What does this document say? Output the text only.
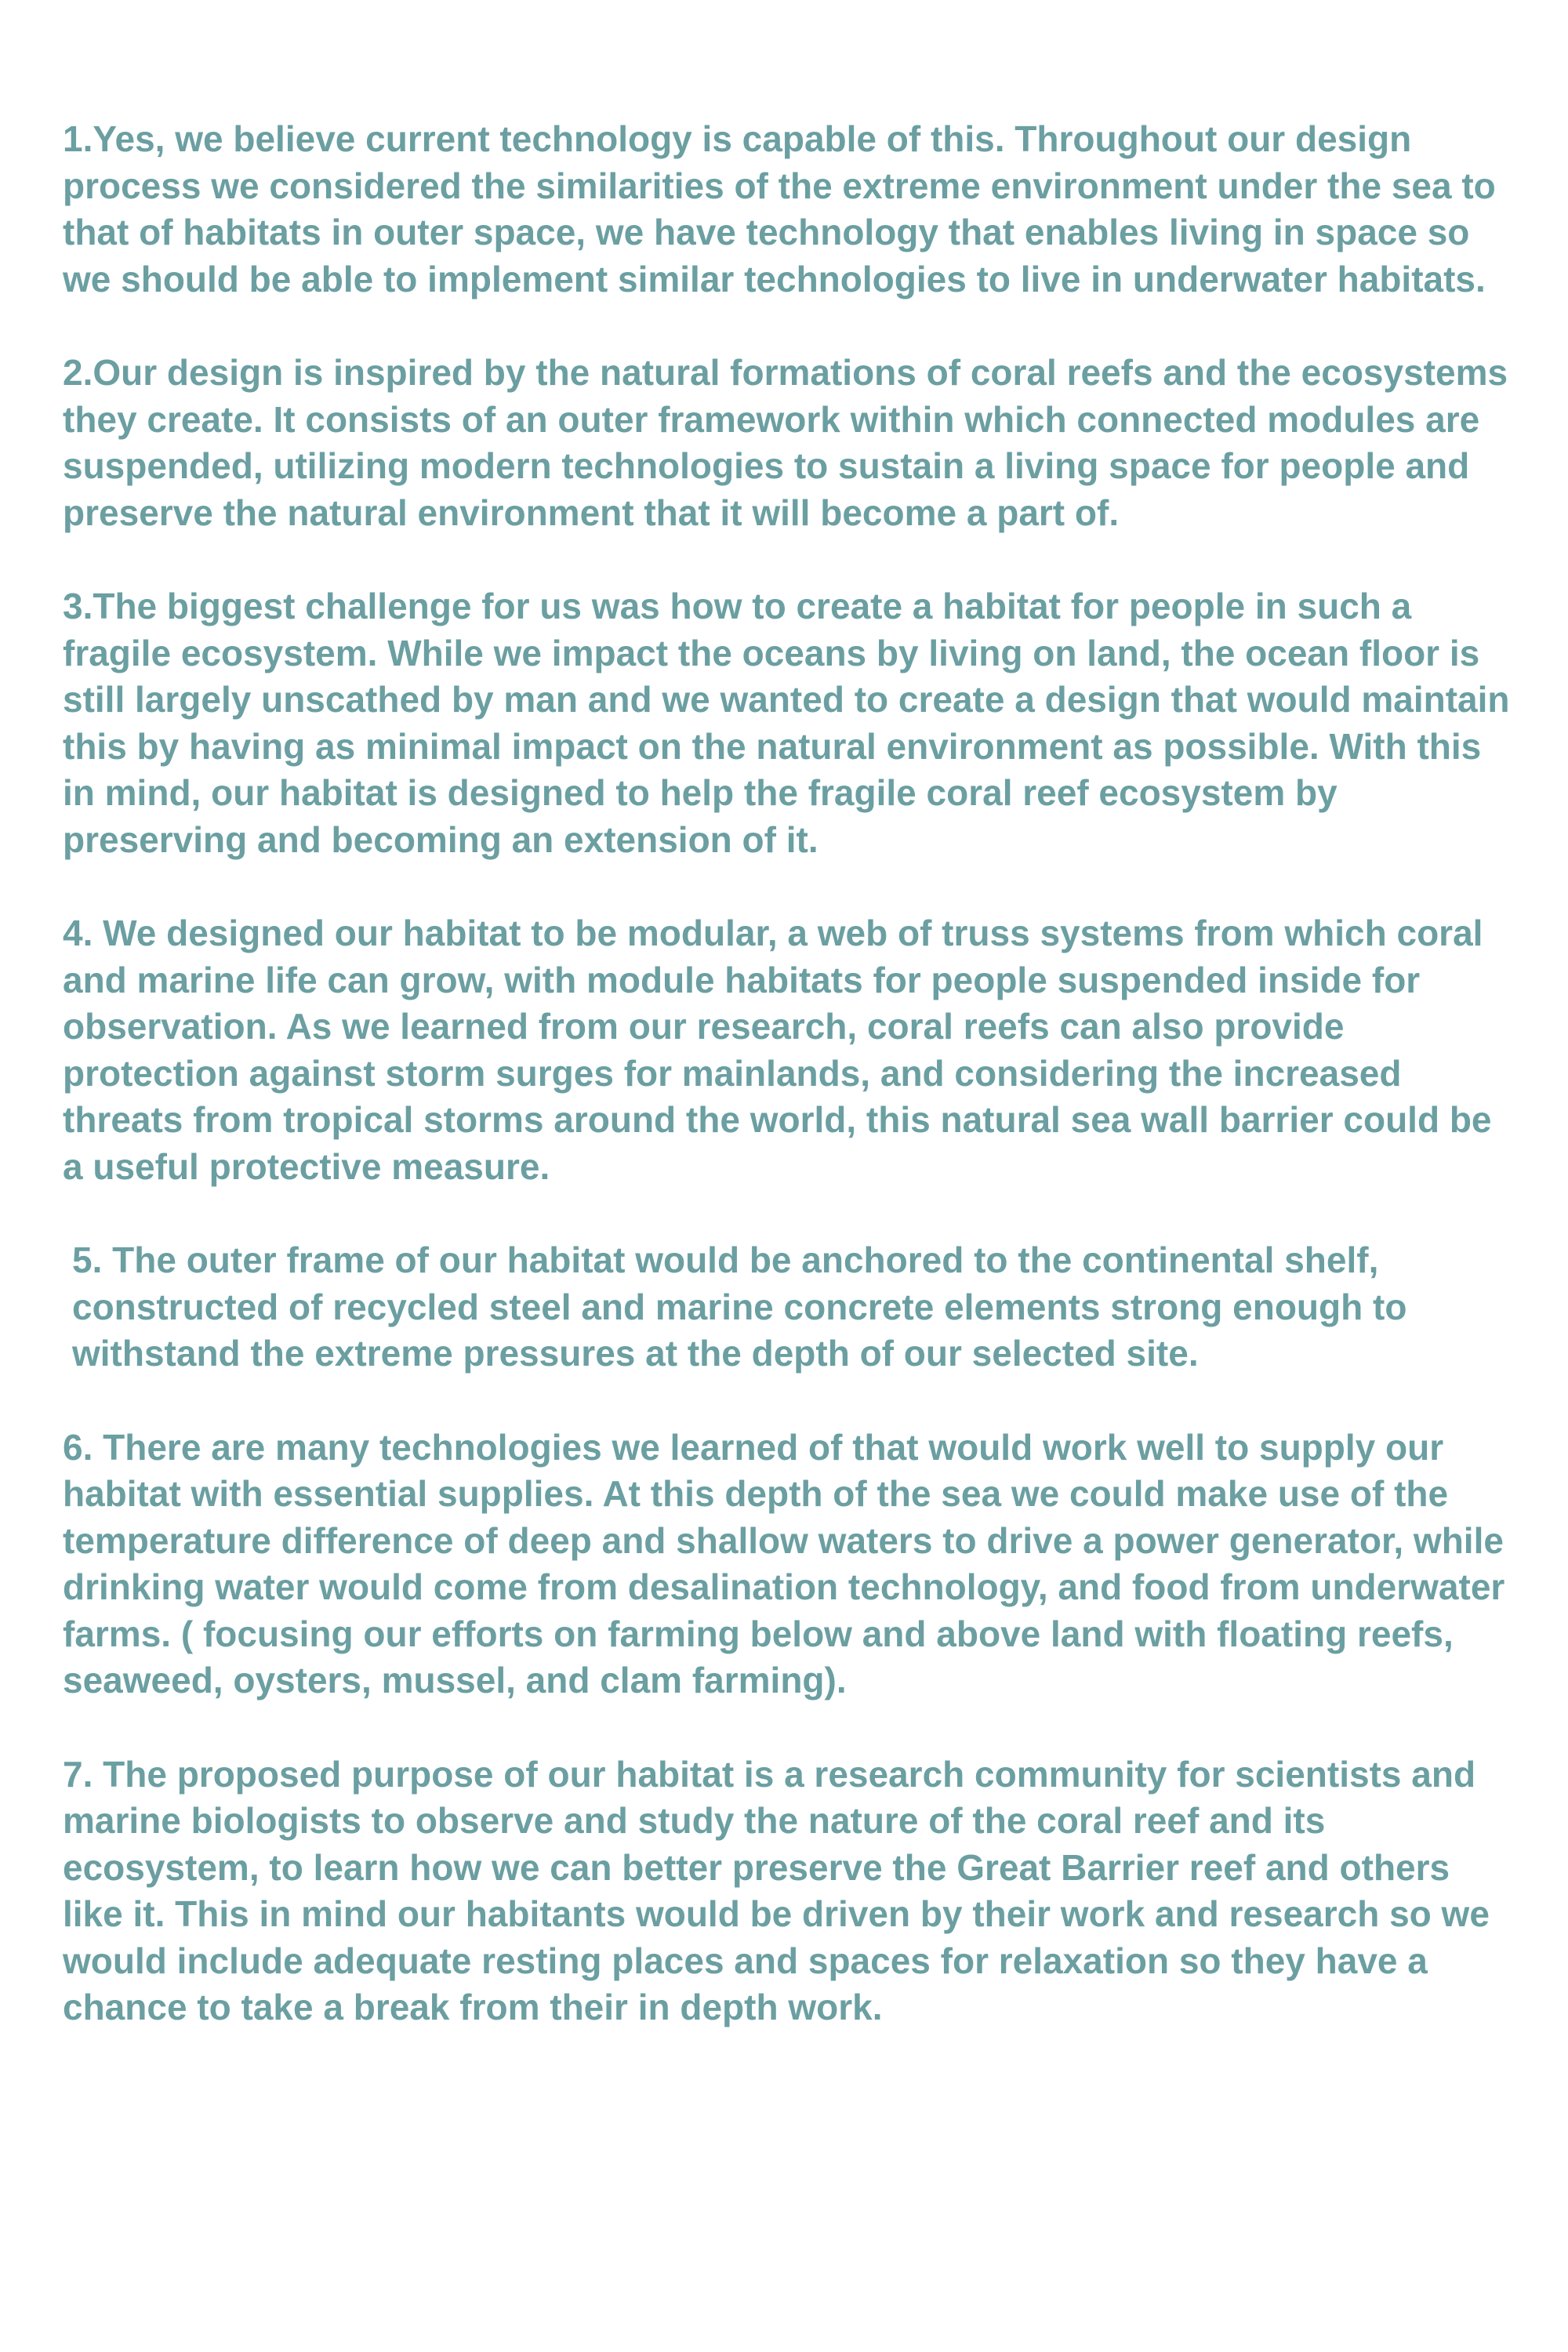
1.Yes, we believe current technology is capable of this. Throughout our design process we considered the similarities of the extreme environment under the sea to that of habitats in outer space, we have technology that enables living in space so we should be able to implement similar technologies to live in underwater habitats.

2.Our design is inspired by the natural formations of coral reefs and the ecosystems they create. It consists of an outer framework within which connected modules are suspended, utilizing modern technologies to sustain a living space for people and preserve the natural environment that it will become a part of.

3.The biggest challenge for us was how to create a habitat for people in such a fragile ecosystem. While we impact the oceans by living on land, the ocean floor is still largely unscathed by man and we wanted to create a design that would maintain this by having as minimal impact on the natural environment as possible. With this in mind, our habitat is designed to help the fragile coral reef ecosystem by preserving and becoming an extension of it.

4. We designed our habitat to be modular, a web of truss systems from which coral and marine life can grow, with module habitats for people suspended inside for observation. As we learned from our research, coral reefs can also provide protection against storm surges for mainlands, and considering the increased threats from tropical storms around the world, this natural sea wall barrier could be a useful protective measure.

5. The outer frame of our habitat would be anchored to the continental shelf, constructed of recycled steel and marine concrete elements strong enough to withstand the extreme pressures at the depth of our selected site.

6. There are many technologies we learned of that would work well to supply our habitat with essential supplies. At this depth of the sea we could make use of the temperature difference of deep and shallow waters to drive a power generator, while drinking water would come from desalination technology, and food from underwater farms. ( focusing our efforts on farming below and above land with floating reefs, seaweed, oysters, mussel, and clam farming).

7. The proposed purpose of our habitat is a research community for scientists and marine biologists to observe and study the nature of the coral reef and its ecosystem, to learn how we can better preserve the Great Barrier reef and others like it. This in mind our habitants would be driven by their work and research so we would include adequate resting places and spaces for relaxation so they have a chance to take a break from their in depth work.
